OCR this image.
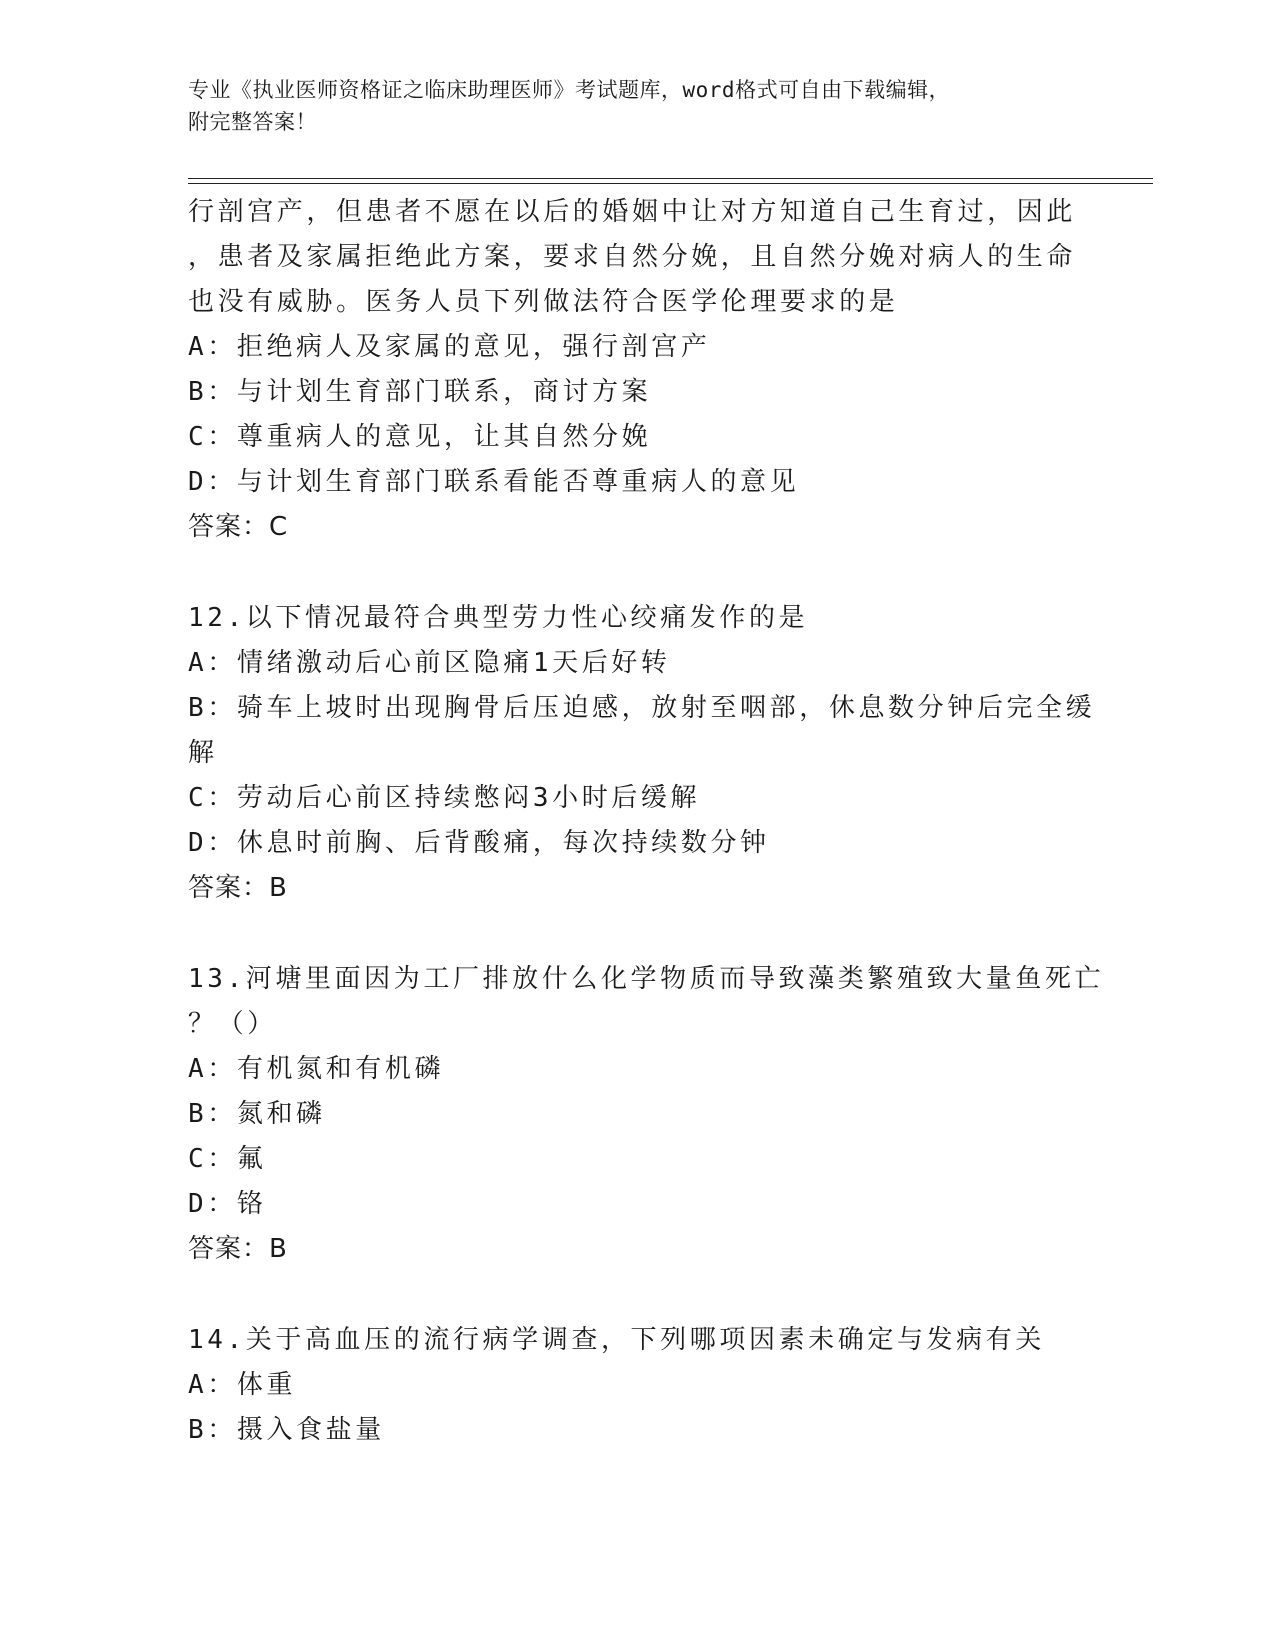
专业《执业医师资格证之临床助理医师》考试题库，word格式可自由下载编辑，
附完整答案！
行剖宫产，但患者不愿在以后的婚姻中让对方知道自己生育过，因此
，患者及家属拒绝此方案，要求自然分娩，且自然分娩对病人的生命
也没有威胁。医务人员下列做法符合医学伦理要求的是
A：拒绝病人及家属的意见，强行剖宫产
B：与计划生育部门联系，商讨方案
C：尊重病人的意见，让其自然分娩
D：与计划生育部门联系看能否尊重病人的意见
答案：C
12.以下情况最符合典型劳力性心绞痛发作的是
A：情绪激动后心前区隐痛1天后好转
B：骑车上坡时出现胸骨后压迫感，放射至咽部，休息数分钟后完全缓
解
C：劳动后心前区持续憋闷3小时后缓解
D：休息时前胸、后背酸痛，每次持续数分钟
答案：B
13.河塘里面因为工厂排放什么化学物质而导致藻类繁殖致大量鱼死亡
？（）
A：有机氮和有机磷
B：氮和磷
C：氟
D：铬
答案：B
14.关于高血压的流行病学调查，下列哪项因素未确定与发病有关
A：体重
B：摄入食盐量
